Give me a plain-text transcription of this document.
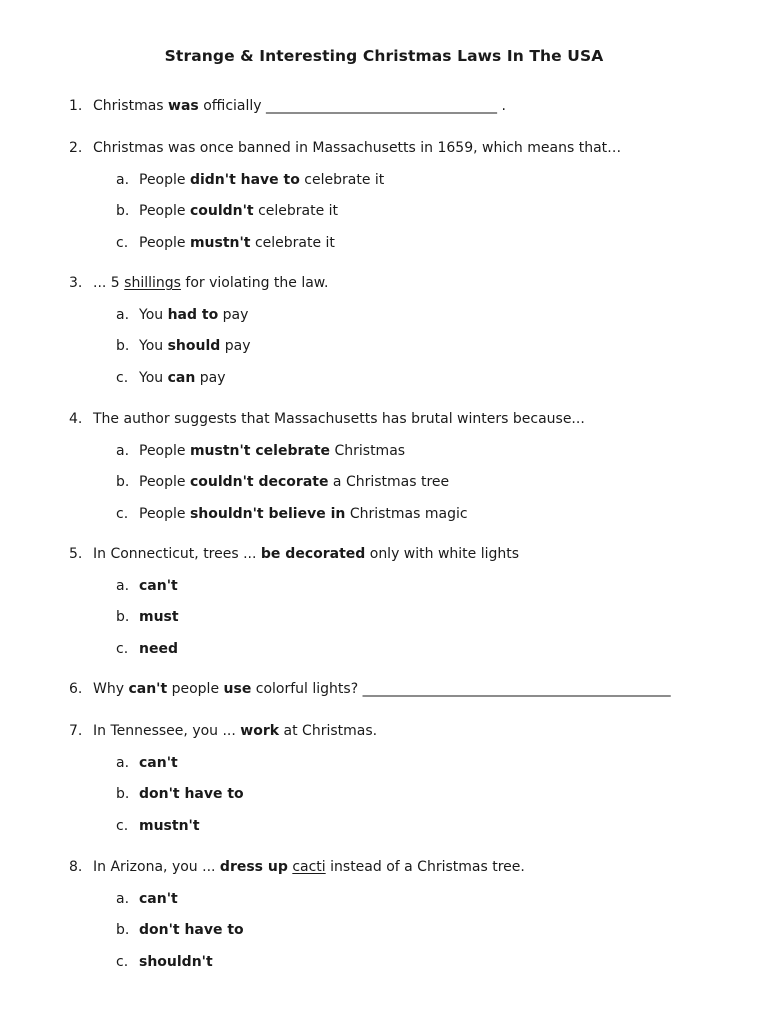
Strange & Interesting Christmas Laws In The USA
1. Christmas was officially _________________________________ .
2. Christmas was once banned in Massachusetts in 1659, which means that…
a. People didn't have to celebrate it
b. People couldn't celebrate it
c. People mustn't celebrate it
3. ... 5 shillings for violating the law.
a. You had to pay
b. You should pay
c. You can pay
4. The author suggests that Massachusetts has brutal winters because...
a. People mustn't celebrate Christmas
b. People couldn't decorate a Christmas tree
c. People shouldn't believe in Christmas magic
5. In Connecticut, trees ... be decorated only with white lights
a. can't
b. must
c. need
6. Why can't people use colorful lights? ____________________________________________
7. In Tennessee, you ... work at Christmas.
a. can't
b. don't have to
c. mustn't
8. In Arizona, you ... dress up cacti instead of a Christmas tree.
a. can't
b. don't have to
c. shouldn't
